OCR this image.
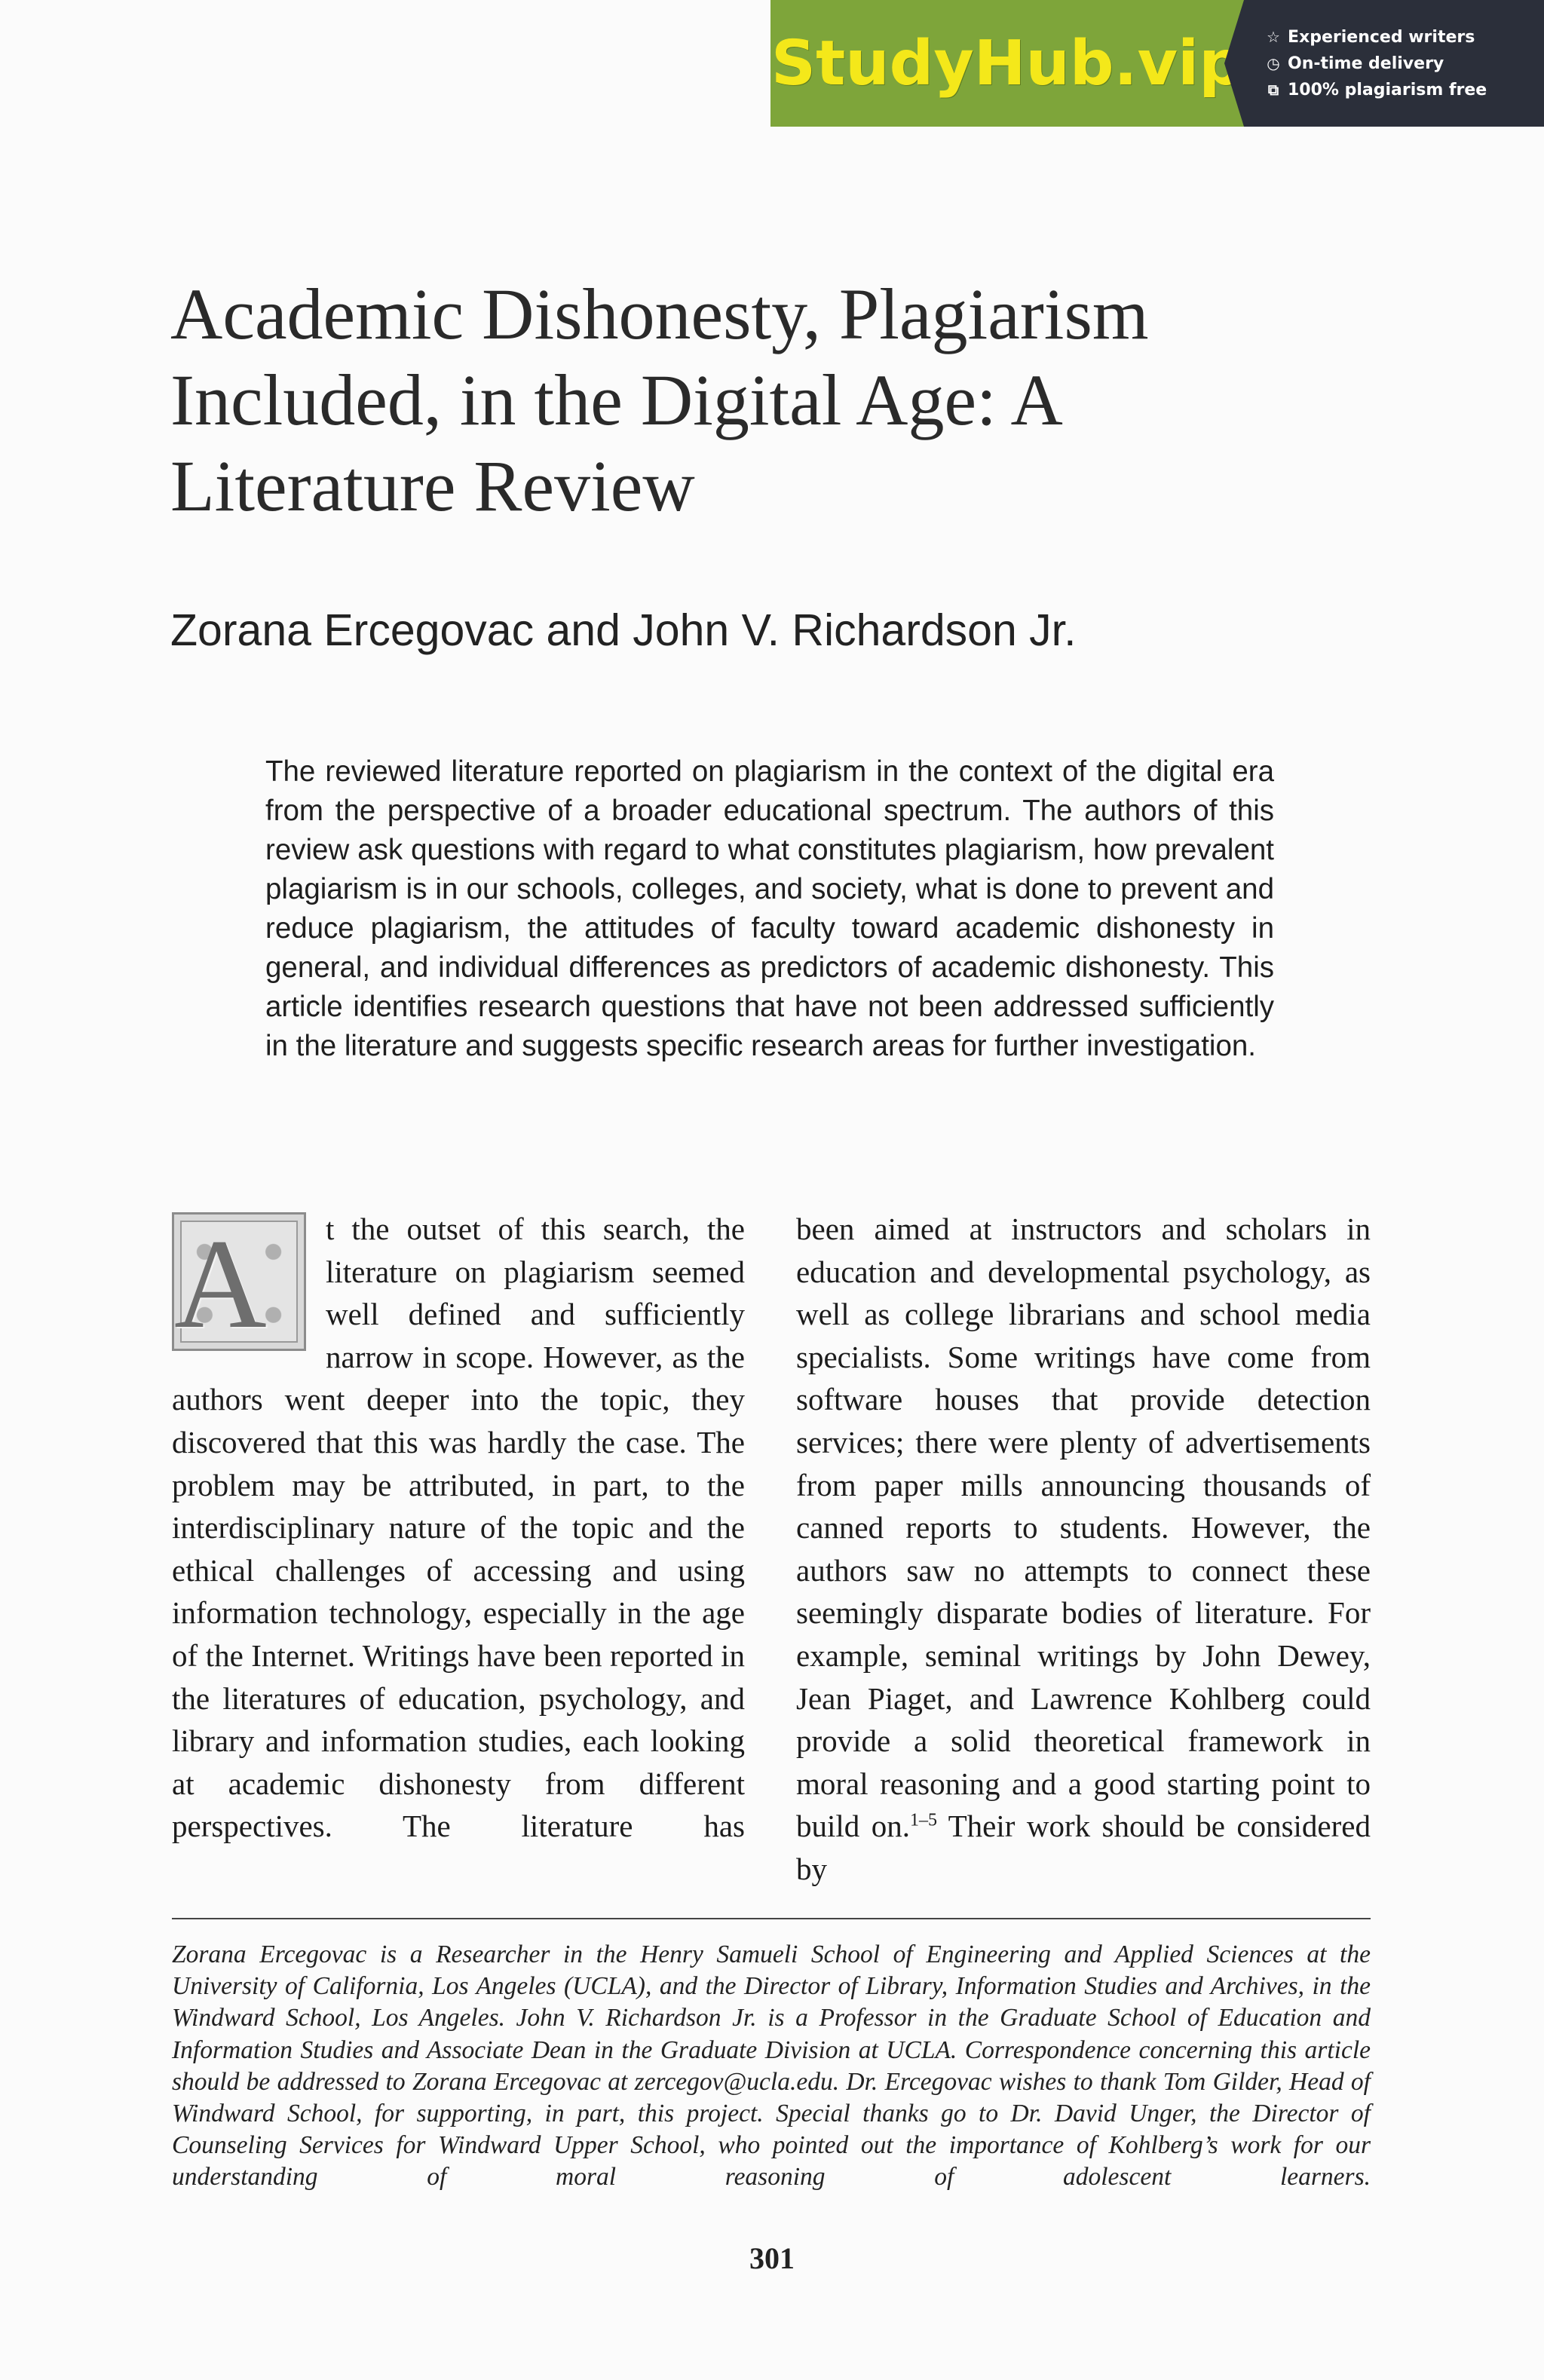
StudyHub.vip ☆ Experienced writers
◷ On-time delivery
⧉ 100% plagiarism free
Academic Dishonesty, Plagiarism Included, in the Digital Age: A Literature Review
Zorana Ercegovac and John V. Richardson Jr.

The reviewed literature reported on plagiarism in the context of the digital era from the perspective of a broader educational spectrum. The authors of this review ask questions with regard to what constitutes plagiarism, how prevalent plagiarism is in our schools, colleges, and society, what is done to prevent and reduce plagiarism, the attitudes of faculty toward academic dishonesty in general, and individual differences as predictors of academic dishonesty. This article identifies research questions that have not been addressed sufficiently in the literature and suggests specific research areas for further investigation.

A	t the outset of this search, the literature on plagiarism seemed well defined and sufficiently narrow in scope. However, as the authors went deeper into the topic, they discovered that this was hardly the case. The problem may be attributed, in part, to the interdisciplinary nature of the topic and the ethical challenges of accessing and using information technology, especially in the age of the Internet. Writings have been reported in the literatures of education, psychology, and library and information studies, each looking at academic dishonesty from different perspectives. The literature has

been aimed at instructors and scholars in education and developmental psychology, as well as college librarians and school media specialists. Some writings have come from software houses that provide detection services; there were plenty of advertisements from paper mills announcing thousands of canned reports to students. However, the authors saw no attempts to connect these seemingly disparate bodies of literature. For example, seminal writings by John Dewey, Jean Piaget, and Lawrence Kohlberg could provide a solid theoretical framework in moral reasoning and a good starting point to build on.$^{1-5}$ Their work should be considered by

Zorana Ercegovac is a Researcher in the Henry Samueli School of Engineering and Applied Sciences at the University of California, Los Angeles (UCLA), and the Director of Library, Information Studies and Archives, in the Windward School, Los Angeles. John V. Richardson Jr. is a Professor in the Graduate School of Education and Information Studies and Associate Dean in the Graduate Division at UCLA. Correspondence concerning this article should be addressed to Zorana Ercegovac at zercegov@ucla.edu. Dr. Ercegovac wishes to thank Tom Gilder, Head of Windward School, for supporting, in part, this project. Special thanks go to Dr. David Unger, the Director of Counseling Services for Windward Upper School, who pointed out the importance of Kohlberg’s work for our understanding of moral reasoning of adolescent learners.

301
